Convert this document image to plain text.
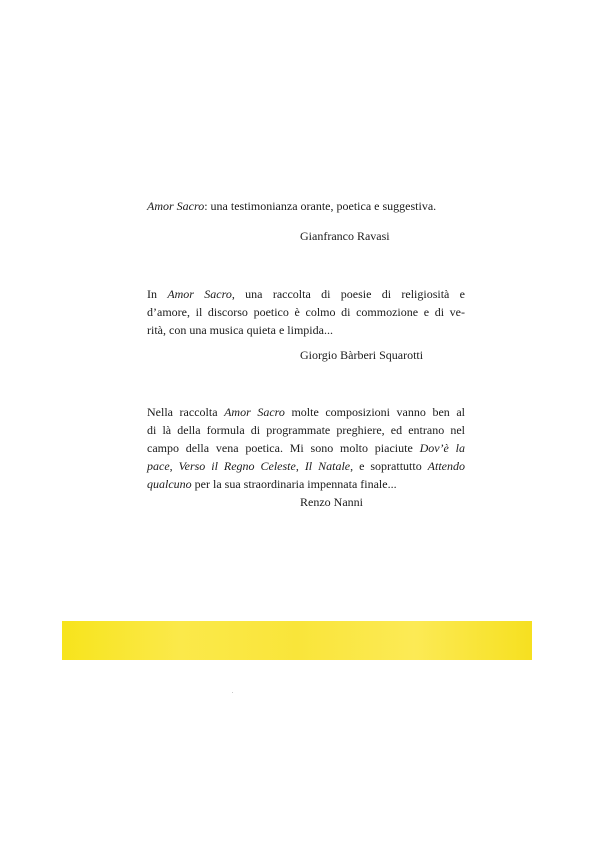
Amor Sacro: una testimonianza orante, poetica e suggestiva.

Gianfranco Ravasi

In Amor Sacro, una raccolta di poesie di religiosità e
d’amore, il discorso poetico è colmo di commozione e di ve-
rità, con una musica quieta e limpida...

Giorgio Bàrberi Squarotti

Nella raccolta Amor Sacro molte composizioni vanno ben al
di là della formula di programmate preghiere, ed entrano nel
campo della vena poetica. Mi sono molto piaciute Dov’è la
pace, Verso il Regno Celeste, Il Natale, e soprattutto Attendo
qualcuno per la sua straordinaria impennata finale...

Renzo Nanni
